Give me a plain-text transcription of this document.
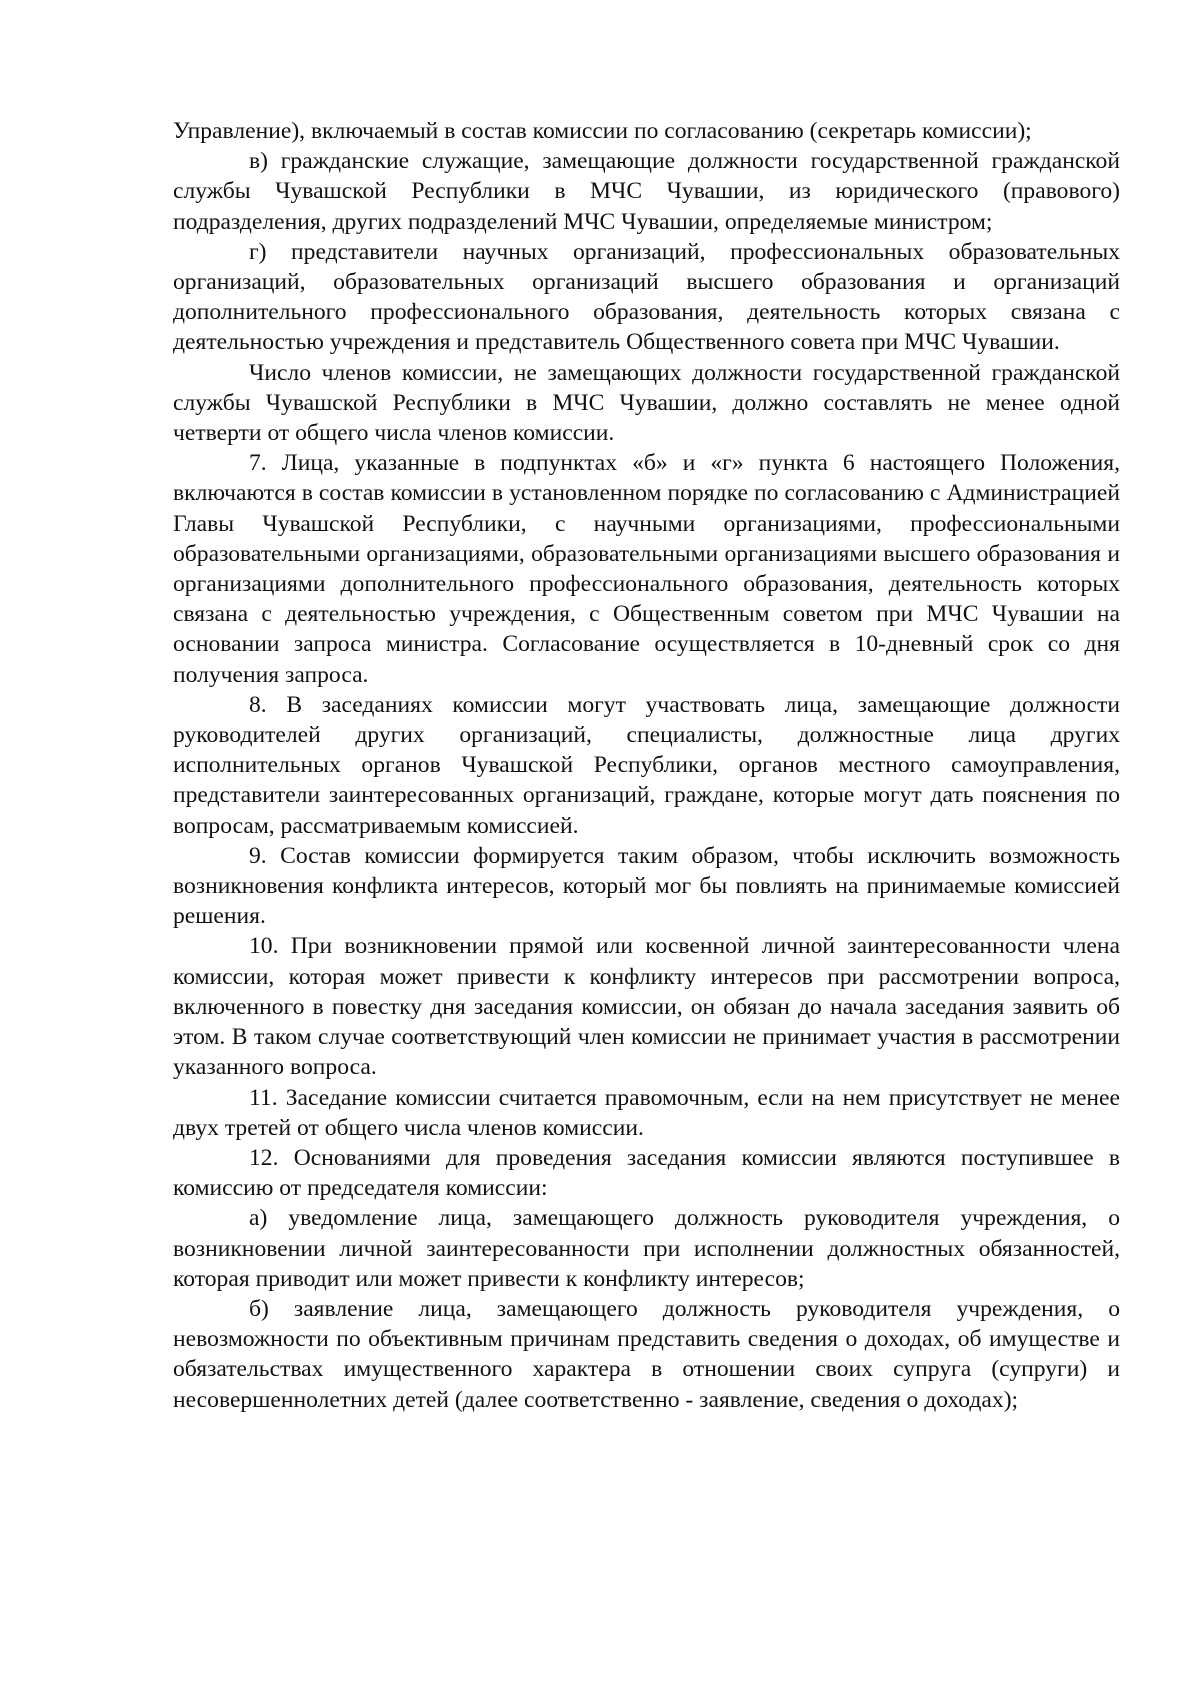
Управление), включаемый в состав комиссии по согласованию (секретарь комиссии);

в) гражданские служащие, замещающие должности государственной гражданской службы Чувашской Республики в МЧС Чувашии, из юридического (правового) подразделения, других подразделений МЧС Чувашии, определяемые министром;

г) представители научных организаций, профессиональных образовательных организаций, образовательных организаций высшего образования и организаций дополнительного профессионального образования, деятельность которых связана с деятельностью учреждения и представитель Общественного совета при МЧС Чувашии.

Число членов комиссии, не замещающих должности государственной гражданской службы Чувашской Республики в МЧС Чувашии, должно составлять не менее одной четверти от общего числа членов комиссии.

7. Лица, указанные в подпунктах «б» и «г» пункта 6 настоящего Положения, включаются в состав комиссии в установленном порядке по согласованию с Администрацией Главы Чувашской Республики, с научными организациями, профессиональными образовательными организациями, образовательными организациями высшего образования и организациями дополнительного профессионального образования, деятельность которых связана с деятельностью учреждения, с Общественным советом при МЧС Чувашии на основании запроса министра. Согласование осуществляется в 10-дневный срок со дня получения запроса.

8. В заседаниях комиссии могут участвовать лица, замещающие должности руководителей других организаций, специалисты, должностные лица других исполнительных органов Чувашской Республики, органов местного самоуправления, представители заинтересованных организаций, граждане, которые могут дать пояснения по вопросам, рассматриваемым комиссией.

9. Состав комиссии формируется таким образом, чтобы исключить возможность возникновения конфликта интересов, который мог бы повлиять на принимаемые комиссией решения.

10. При возникновении прямой или косвенной личной заинтересованности члена комиссии, которая может привести к конфликту интересов при рассмотрении вопроса, включенного в повестку дня заседания комиссии, он обязан до начала заседания заявить об этом. В таком случае соответствующий член комиссии не принимает участия в рассмотрении указанного вопроса.

11. Заседание комиссии считается правомочным, если на нем присутствует не менее двух третей от общего числа членов комиссии.

12. Основаниями для проведения заседания комиссии являются поступившее в комиссию от председателя комиссии:

а) уведомление лица, замещающего должность руководителя учреждения, о возникновении личной заинтересованности при исполнении должностных обязанностей, которая приводит или может привести к конфликту интересов;

б) заявление лица, замещающего должность руководителя учреждения, о невозможности по объективным причинам представить сведения о доходах, об имуществе и обязательствах имущественного характера в отношении своих супруга (супруги) и несовершеннолетних детей (далее соответственно - заявление, сведения о доходах);
